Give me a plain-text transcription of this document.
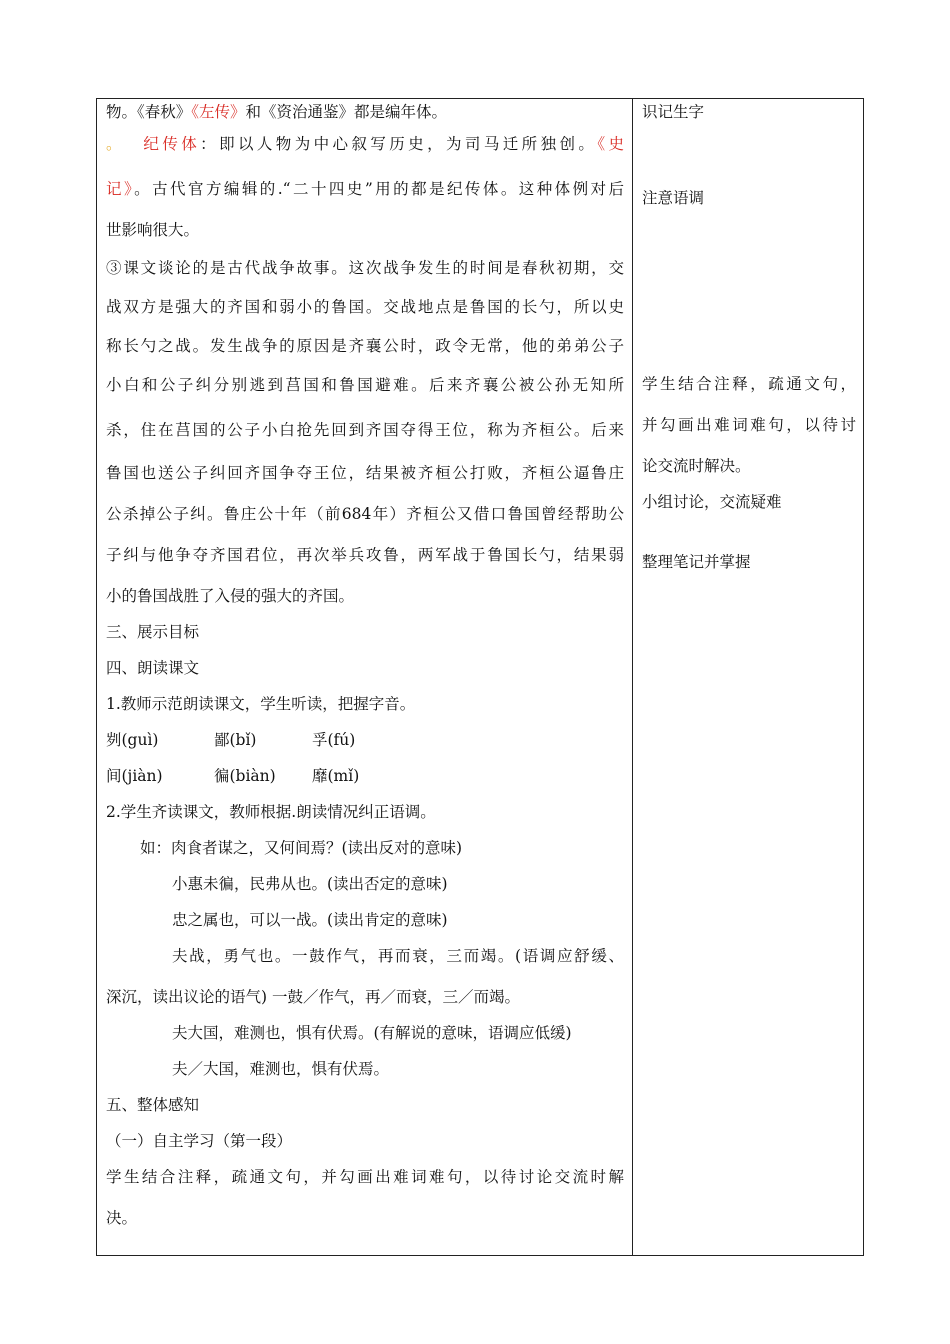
物。《春秋》《左传》和《资治通鉴》都是编年体。
。 纪传体：即以人物为中心叙写历史，为司马迁所独创。《史
记》。古代官方编辑的.“二十四史”用的都是纪传体。这种体例对后
世影响很大。
③课文谈论的是古代战争故事。这次战争发生的时间是春秋初期，交
战双方是强大的齐国和弱小的鲁国。交战地点是鲁国的长勺，所以史
称长勺之战。发生战争的原因是齐襄公时，政令无常，他的弟弟公子
小白和公子纠分别逃到莒国和鲁国避难。后来齐襄公被公孙无知所
杀，住在莒国的公子小白抢先回到齐国夺得王位，称为齐桓公。后来
鲁国也送公子纠回齐国争夺王位，结果被齐桓公打败，齐桓公逼鲁庄
公杀掉公子纠。鲁庄公十年（前684年）齐桓公又借口鲁国曾经帮助公
子纠与他争夺齐国君位，再次举兵攻鲁，两军战于鲁国长勺，结果弱
小的鲁国战胜了入侵的强大的齐国。
三、展示目标
四、朗读课文
1.教师示范朗读课文，学生听读，把握字音。
刿(guì)	鄙(bǐ)	孚(fú)
间(jiàn)	徧(biàn) 靡(mǐ)
2.学生齐读课文，教师根据.朗读情况纠正语调。
如：肉食者谋之，又何间焉？(读出反对的意味)
小惠未徧，民弗从也。(读出否定的意味)
忠之属也，可以一战。(读出肯定的意味)
夫战，勇气也。一鼓作气，再而衰，三而竭。(语调应舒缓、
深沉，读出议论的语气) 一鼓／作气，再／而衰，三／而竭。
夫大国，难测也，惧有伏焉。(有解说的意味，语调应低缓)
夫／大国，难测也，惧有伏焉。
五、整体感知
（一）自主学习（第一段）
学生结合注释，疏通文句，并勾画出难词难句，以待讨论交流时解
决。
识记生字
注意语调
学生结合注释，疏通文句，
并勾画出难词难句，以待讨
论交流时解决。
小组讨论，交流疑难
整理笔记并掌握
